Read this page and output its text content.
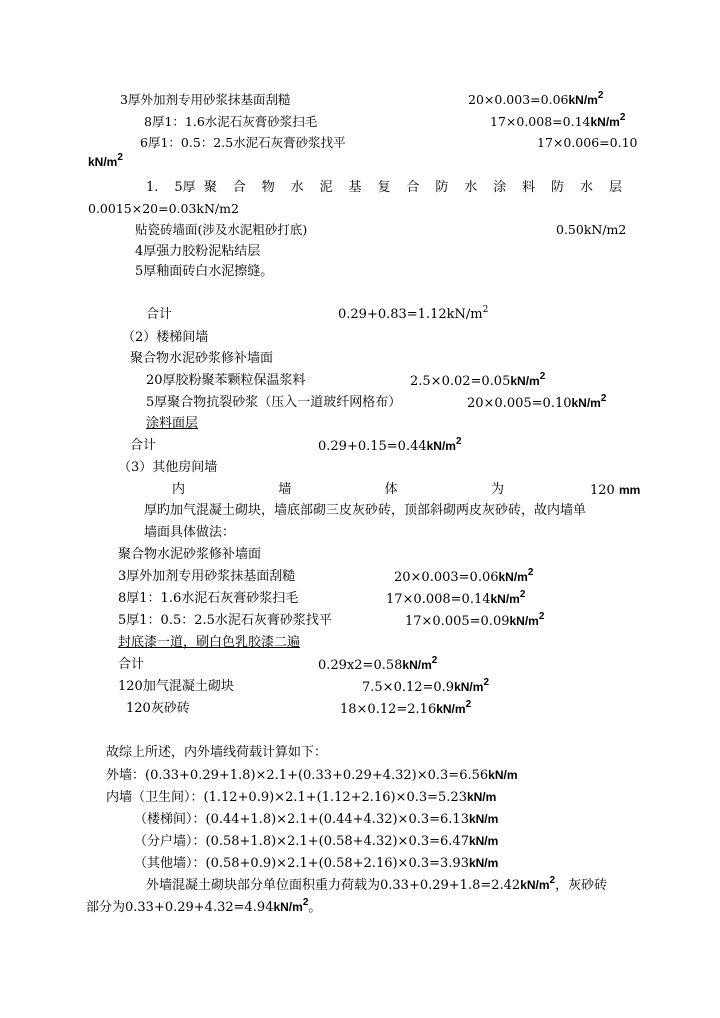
3厚外加剂专用砂浆抹基面刮糙	$20\times 0.003=0.06kN/m^2$
8厚1：1.6水泥石灰膏砂浆扫毛	$17\times 0.008=0.14kN/m^2$
6厚1：0.5：2.5水泥石灰膏砂浆找平	17×0.006=0.10
$kN/m^2$
1. 5厚 聚 合 物 水 泥 基 复 合 防 水 涂 料 防 水 层
0.0015×20=0.03kN/m2
贴瓷砖墙面(涉及水泥粗砂打底)	0.50kN/m2
4厚强力胶粉泥粘结层
5厚釉面砖白水泥擦缝。
合计	$0.29+0.83=1.12kN/m^2$
（2）楼梯间墙
聚合物水泥砂浆修补墙面
20厚胶粉聚苯颗粒保温浆料	$2.5\times 0.02=0.05kN/m^2$
5厚聚合物抗裂砂浆（压入一道玻纤网格布）	$20\times 0.005=0.10kN/m^2$
涂料面层
合计	$0.29+0.15=0.44kN/m^2$
（3）其他房间墙
内	墙	体	为	120 mm
厚旳加气混凝土砌块，墙底部砌三皮灰砂砖，顶部斜砌两皮灰砂砖，故内墙单
墙面具体做法：
聚合物水泥砂浆修补墙面
3厚外加剂专用砂浆抹基面刮糙	$20\times 0.003=0.06kN/m^2$
8厚1：1.6水泥石灰膏砂浆扫毛	$17\times 0.008=0.14kN/m^2$
5厚1：0.5：2.5水泥石灰膏砂浆找平	$17\times 0.005=0.09kN/m^2$
封底漆一道，刷白色乳胶漆二遍
合计	$0.29x2=0.58kN/m^2$
120加气混凝土砌块	$7.5\times 0.12=0.9kN/m^2$
120灰砂砖	$18\times 0.12=2.16kN/m^2$
故综上所述，内外墙线荷载计算如下：
外墙：(0.33+0.29+1.8)×2.1+(0.33+0.29+4.32)×0.3=6.56kN/m
内墙（卫生间）：(1.12+0.9)×2.1+(1.12+2.16)×0.3=5.23kN/m
（楼梯间）：(0.44+1.8)×2.1+(0.44+4.32)×0.3=6.13kN/m
（分户墙）：(0.58+1.8)×2.1+(0.58+4.32)×0.3=6.47kN/m
（其他墙）：(0.58+0.9)×2.1+(0.58+2.16)×0.3=3.93kN/m
外墙混凝土砌块部分单位面积重力荷载为$0.33+0.29+1.8=2.42kN/m^2$，灰砂砖
部分为$0.33+0.29+4.32=4.94kN/m^2$。
